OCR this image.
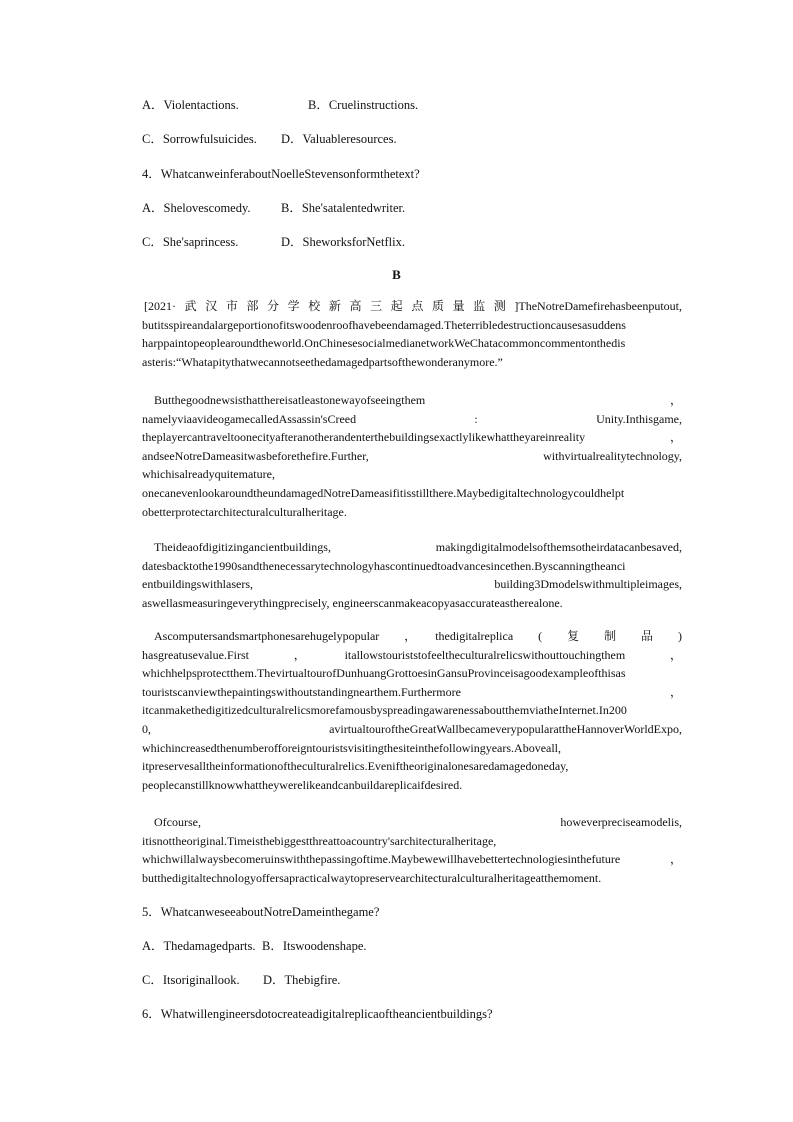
A．Violentactions.	B．Cruelinstructions.
C．Sorrowfulsuicides. D．Valuableresources.
4．WhatcanweinferaboutNoelleStevensonformthetext?
A．Shelovescomedy. B．She'satalentedwriter.
C．She'saprincess.	D．SheworksforNetflix.
B
[2021·武汉市部分学校新高三起点质量监测]TheNotreDamefirehasbeenputout,
butitsspireandalargeportionofitswoodenroofhavebeendamaged.Theterribledestructioncausesasuddens
harppaintopeoplearoundtheworld.OnChinesesocialmedianetworkWeChatacommoncommentonthedis
asteris:“Whatapitythatwecannotseethedamagedpartsofthewonderanymore.”
Butthegoodnewsisthatthereisatleastonewayofseeingthem　　　　　　　　　　　　，
namelyviaavideogamecalledAssassin'sCreed　　　　　　　:　　　　　　　Unity.Inthisgame,
theplayercantraveltoonecityafteranotherandenterthebuildingsexactlylikewhattheyareinreality　　，
andseeNotreDameasitwasbeforethefire.Further,　　　　　　withvirtualrealitytechnology,
whichisalreadyquitemature,
onecanevenlookaroundtheundamagedNotreDameasifitisstillthere.Maybedigitaltechnologycouldhelpt
obetterprotectarchitecturalculturalheritage.
Theideaofdigitizingancientbuildings,　　　makingdigitalmodelsofthemsotheirdatacanbesaved,
datesbacktothe1990sandthenecessarytechnologyhascontinuedtoadvancesincethen.Byscanningtheanci
entbuildingswithlasers,　　　　　　　　　　　　building3Dmodelswithmultipleimages,
aswellasmeasuringeverythingprecisely, engineerscanmakeacopyasaccurateastherealone.
Ascomputersandsmartphonesarehugelypopular　，　thedigitalreplica　(　复　制　品　)
hasgreatusevalue.First　　，　　itallowstouriststofeeltheculturalrelicswithouttouchingthem　　，
whichhelpsprotectthem.ThevirtualtourofDunhuangGrottoesinGansuProvinceisagoodexampleofthisas
touristscanviewthepaintingswithoutstandingnearthem.Furthermore　　　　　　　　　　　　，
itcanmakethedigitizedculturalrelicsmorefamousbyspreadingawarenessaboutthemviatheInternet.In200
0,　　　　　avirtualtouroftheGreatWallbecameverypopularattheHannoverWorldExpo,
whichincreasedthenumberofforeigntouristsvisitingthesiteinthefollowingyears.Aboveall,
itpreservesalltheinformationoftheculturalrelics.Eveniftheoriginalonesaredamagedoneday,
peoplecanstillknowwhattheywerelikeandcanbuildareplicaifdesired.
Ofcourse,　　　　　　　　　　　　　　　　　howeverpreciseamodelis,
itisnottheoriginal.Timeisthebiggestthreattoacountry'sarchitecturalheritage,
whichwillalwaysbecomeruinswiththepassingoftime.Maybewewillhavebettertechnologiesinthefuture，
butthedigitaltechnologyoffersapracticalwaytopreservearchitecturalculturalheritageatthemoment.
5．WhatcanweseeaboutNotreDameinthegame?
A．Thedamagedparts. B．Itswoodenshape.
C．Itsoriginallook. D．Thebigfire.
6．Whatwillengineersdotocreateadigitalreplicaoftheancientbuildings?
